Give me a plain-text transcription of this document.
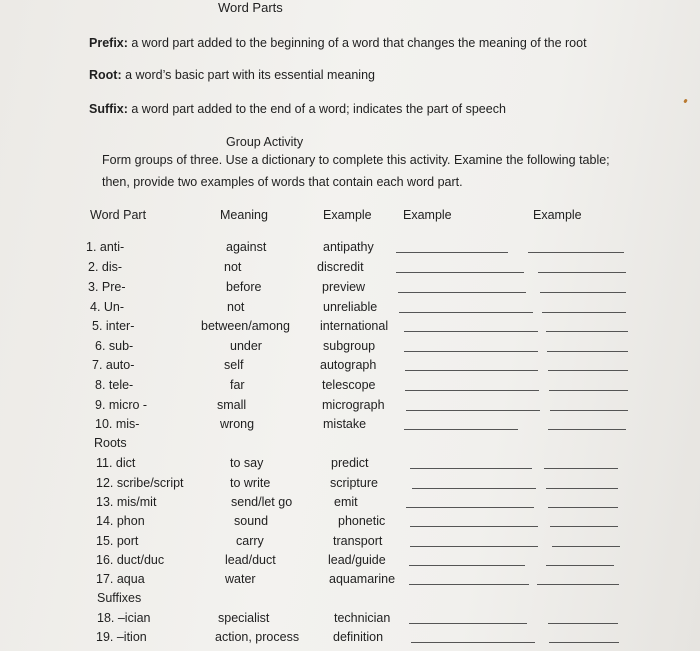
Word Parts
Prefix: a word part added to the beginning of a word that changes the meaning of the root
Root: a word’s basic part with its essential meaning
Suffix: a word part added to the end of a word; indicates the part of speech
Group Activity
Form groups of three. Use a dictionary to complete this activity. Examine the following table;
then, provide two examples of words that contain each word part.
Word Part	Meaning	Example	Example	Example
Roots
Suffixes
1. anti-	against	antipathy
2. dis-	not	discredit
3. Pre-	before	preview
4. Un-	not	unreliable
5. inter-	between/among international
6. sub-	under	subgroup
7. auto-	self	autograph
8. tele-	far	telescope
9. micro -	small	micrograph
10. mis-	wrong	mistake
11. dict	to say	predict
12. scribe/script	to write	scripture
13. mis/mit	send/let go	emit
14. phon	sound	phonetic
15. port	carry	transport
16. duct/duc	lead/duct	lead/guide
17. aqua	water	aquamarine
18. –ician	specialist	technician
19. –ition	action, process	definition
